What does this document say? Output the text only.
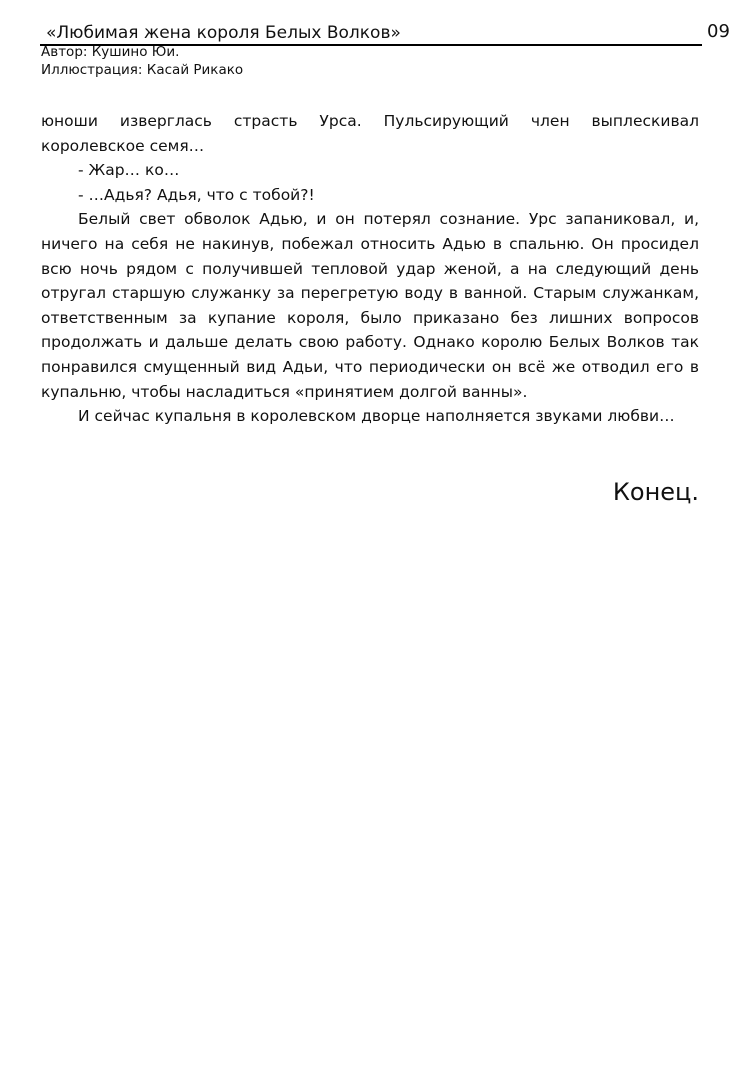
«Любимая жена короля Белых Волков»	09
Автор: Кушино Юи.
Иллюстрация: Касай Рикако

юноши изверглась страсть Урса. Пульсирующий член выплескивал королевское семя…

- Жар… ко…

- …Адья? Адья, что с тобой?!

Белый свет обволок Адью, и он потерял сознание. Урс запаниковал, и, ничего на себя не накинув, побежал относить Адью в спальню. Он просидел всю ночь рядом с получившей тепловой удар женой, а на следующий день отругал старшую служанку за перегретую воду в ванной. Старым служанкам, ответственным за купание короля, было приказано без лишних вопросов продолжать и дальше делать свою работу. Однако королю Белых Волков так понравился смущенный вид Адьи, что периодически он всё же отводил его в купальню, чтобы насладиться «принятием долгой ванны».

И сейчас купальня в королевском дворце наполняется звуками любви…

Конец.
